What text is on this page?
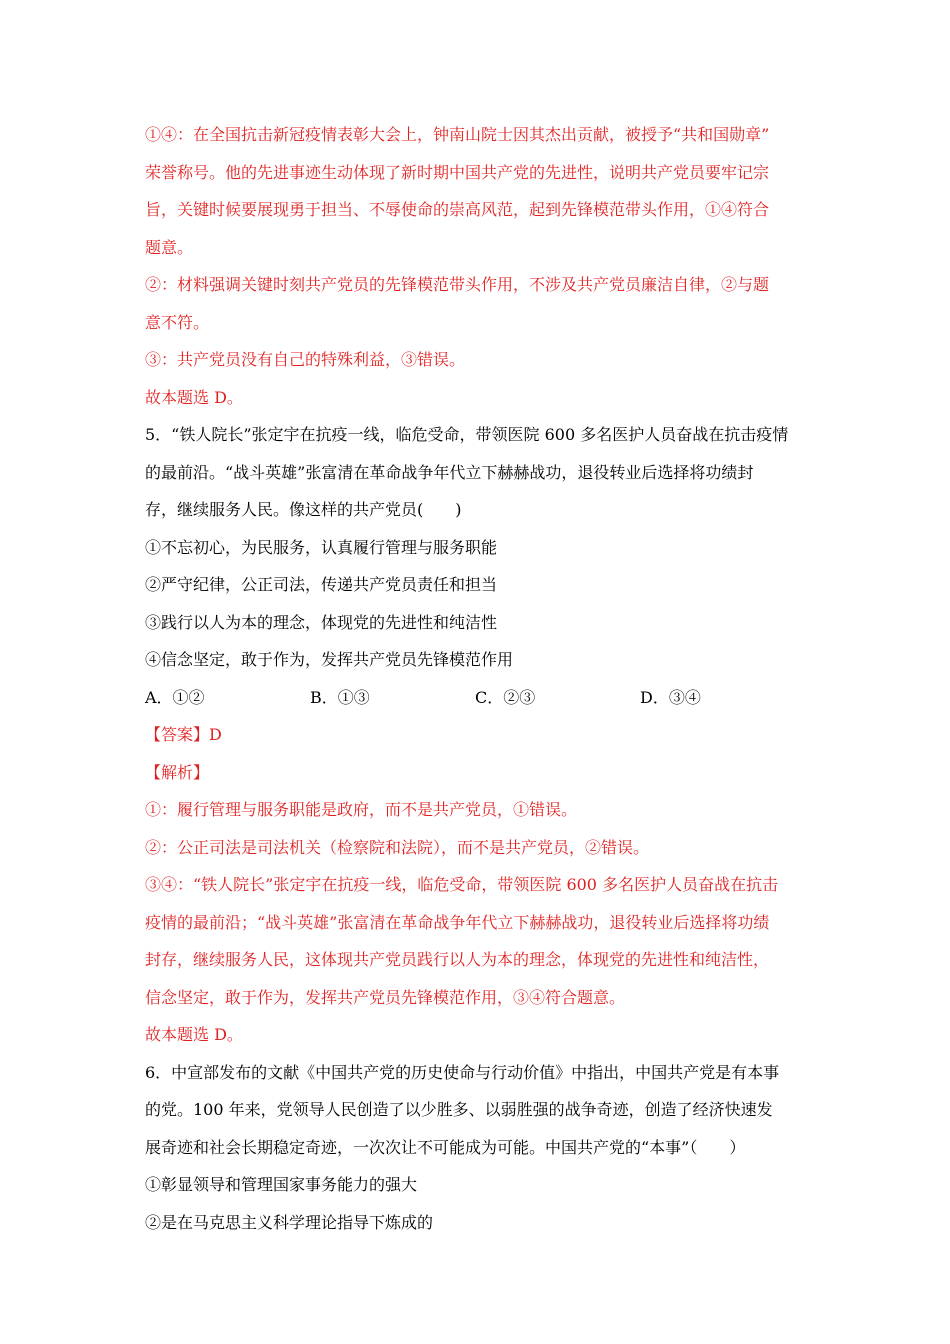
①④：在全国抗击新冠疫情表彰大会上，钟南山院士因其杰出贡献，被授予“共和国勋章”
荣誉称号。他的先进事迹生动体现了新时期中国共产党的先进性，说明共产党员要牢记宗
旨，关键时候要展现勇于担当、不辱使命的崇高风范，起到先锋模范带头作用，①④符合
题意。
②：材料强调关键时刻共产党员的先锋模范带头作用，不涉及共产党员廉洁自律，②与题
意不符。
③：共产党员没有自己的特殊利益，③错误。
故本题选 D。
5．“铁人院长”张定宇在抗疫一线，临危受命，带领医院 600 多名医护人员奋战在抗击疫情
的最前沿。“战斗英雄”张富清在革命战争年代立下赫赫战功，退役转业后选择将功绩封
存，继续服务人民。像这样的共产党员(　　)
①不忘初心，为民服务，认真履行管理与服务职能
②严守纪律，公正司法，传递共产党员责任和担当
③践行以人为本的理念，体现党的先进性和纯洁性
④信念坚定，敢于作为，发挥共产党员先锋模范作用
A．①②	B．①③	C．②③	D．③④
【答案】D
【解析】
①：履行管理与服务职能是政府，而不是共产党员，①错误。
②：公正司法是司法机关（检察院和法院），而不是共产党员，②错误。
③④：“铁人院长”张定宇在抗疫一线，临危受命，带领医院 600 多名医护人员奋战在抗击
疫情的最前沿；“战斗英雄”张富清在革命战争年代立下赫赫战功，退役转业后选择将功绩
封存，继续服务人民，这体现共产党员践行以人为本的理念，体现党的先进性和纯洁性，
信念坚定，敢于作为，发挥共产党员先锋模范作用，③④符合题意。
故本题选 D。
6．中宣部发布的文献《中国共产党的历史使命与行动价值》中指出，中国共产党是有本事
的党。100 年来，党领导人民创造了以少胜多、以弱胜强的战争奇迹，创造了经济快速发
展奇迹和社会长期稳定奇迹，一次次让不可能成为可能。中国共产党的“本事”（　　）
①彰显领导和管理国家事务能力的强大
②是在马克思主义科学理论指导下炼成的
